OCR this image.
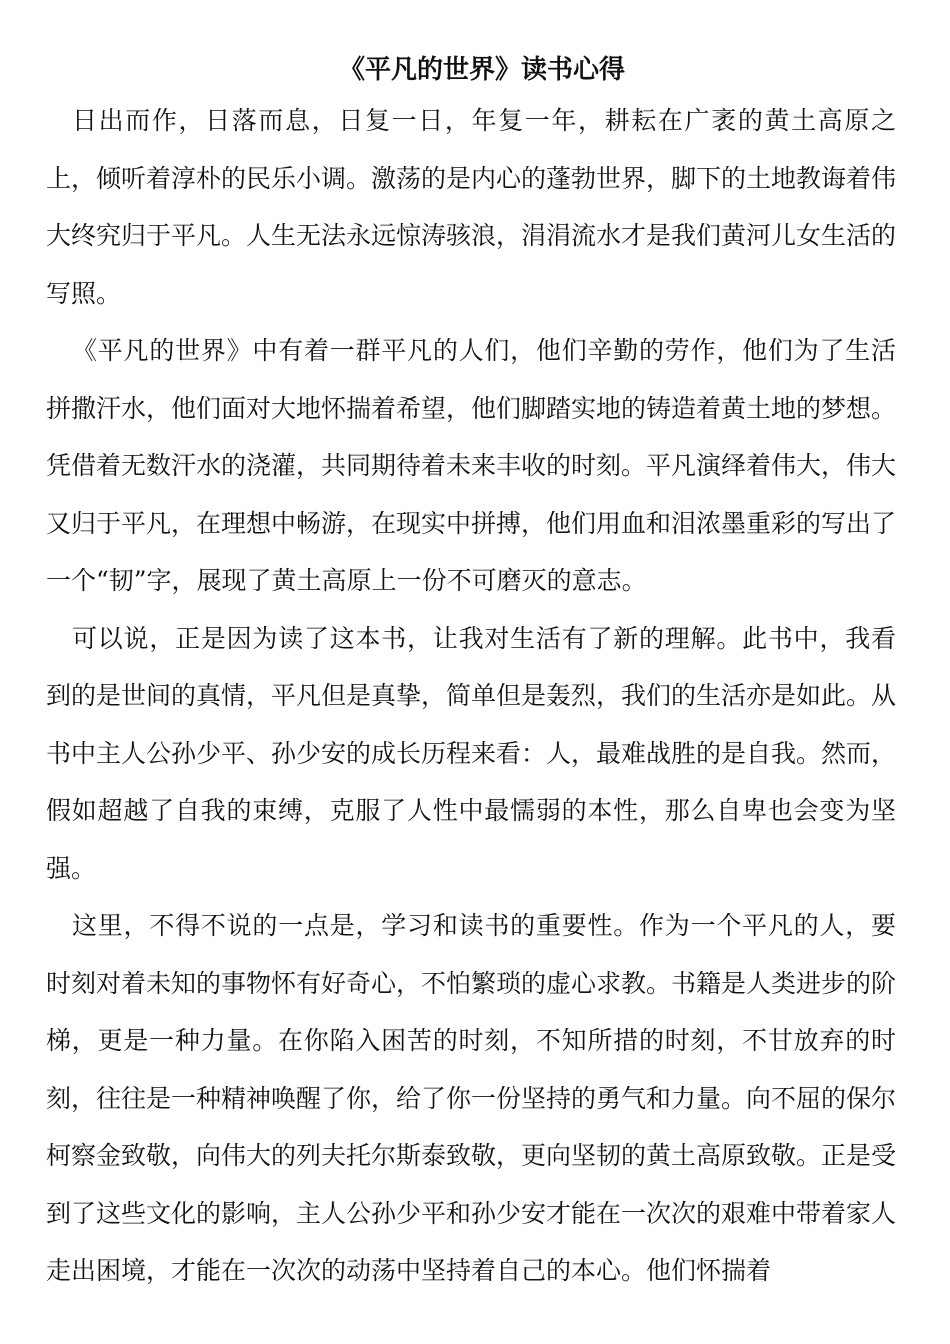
《平凡的世界》读书心得

日出而作，日落而息，日复一日，年复一年，耕耘在广袤的黄土高原之上，倾听着淳朴的民乐小调。激荡的是内心的蓬勃世界，脚下的土地教诲着伟大终究归于平凡。人生无法永远惊涛骇浪，涓涓流水才是我们黄河儿女生活的写照。

《平凡的世界》中有着一群平凡的人们，他们辛勤的劳作，他们为了生活拼撒汗水，他们面对大地怀揣着希望，他们脚踏实地的铸造着黄土地的梦想。凭借着无数汗水的浇灌，共同期待着未来丰收的时刻。平凡演绎着伟大，伟大又归于平凡，在理想中畅游，在现实中拼搏，他们用血和泪浓墨重彩的写出了一个“韧”字，展现了黄土高原上一份不可磨灭的意志。

可以说，正是因为读了这本书，让我对生活有了新的理解。此书中，我看到的是世间的真情，平凡但是真挚，简单但是轰烈，我们的生活亦是如此。从书中主人公孙少平、孙少安的成长历程来看：人，最难战胜的是自我。然而，假如超越了自我的束缚，克服了人性中最懦弱的本性，那么自卑也会变为坚强。

这里，不得不说的一点是，学习和读书的重要性。作为一个平凡的人，要时刻对着未知的事物怀有好奇心，不怕繁琐的虚心求教。书籍是人类进步的阶梯，更是一种力量。在你陷入困苦的时刻，不知所措的时刻，不甘放弃的时刻，往往是一种精神唤醒了你，给了你一份坚持的勇气和力量。向不屈的保尔柯察金致敬，向伟大的列夫托尔斯泰致敬，更向坚韧的黄土高原致敬。正是受到了这些文化的影响，主人公孙少平和孙少安才能在一次次的艰难中带着家人走出困境，才能在一次次的动荡中坚持着自己的本心。他们怀揣着
